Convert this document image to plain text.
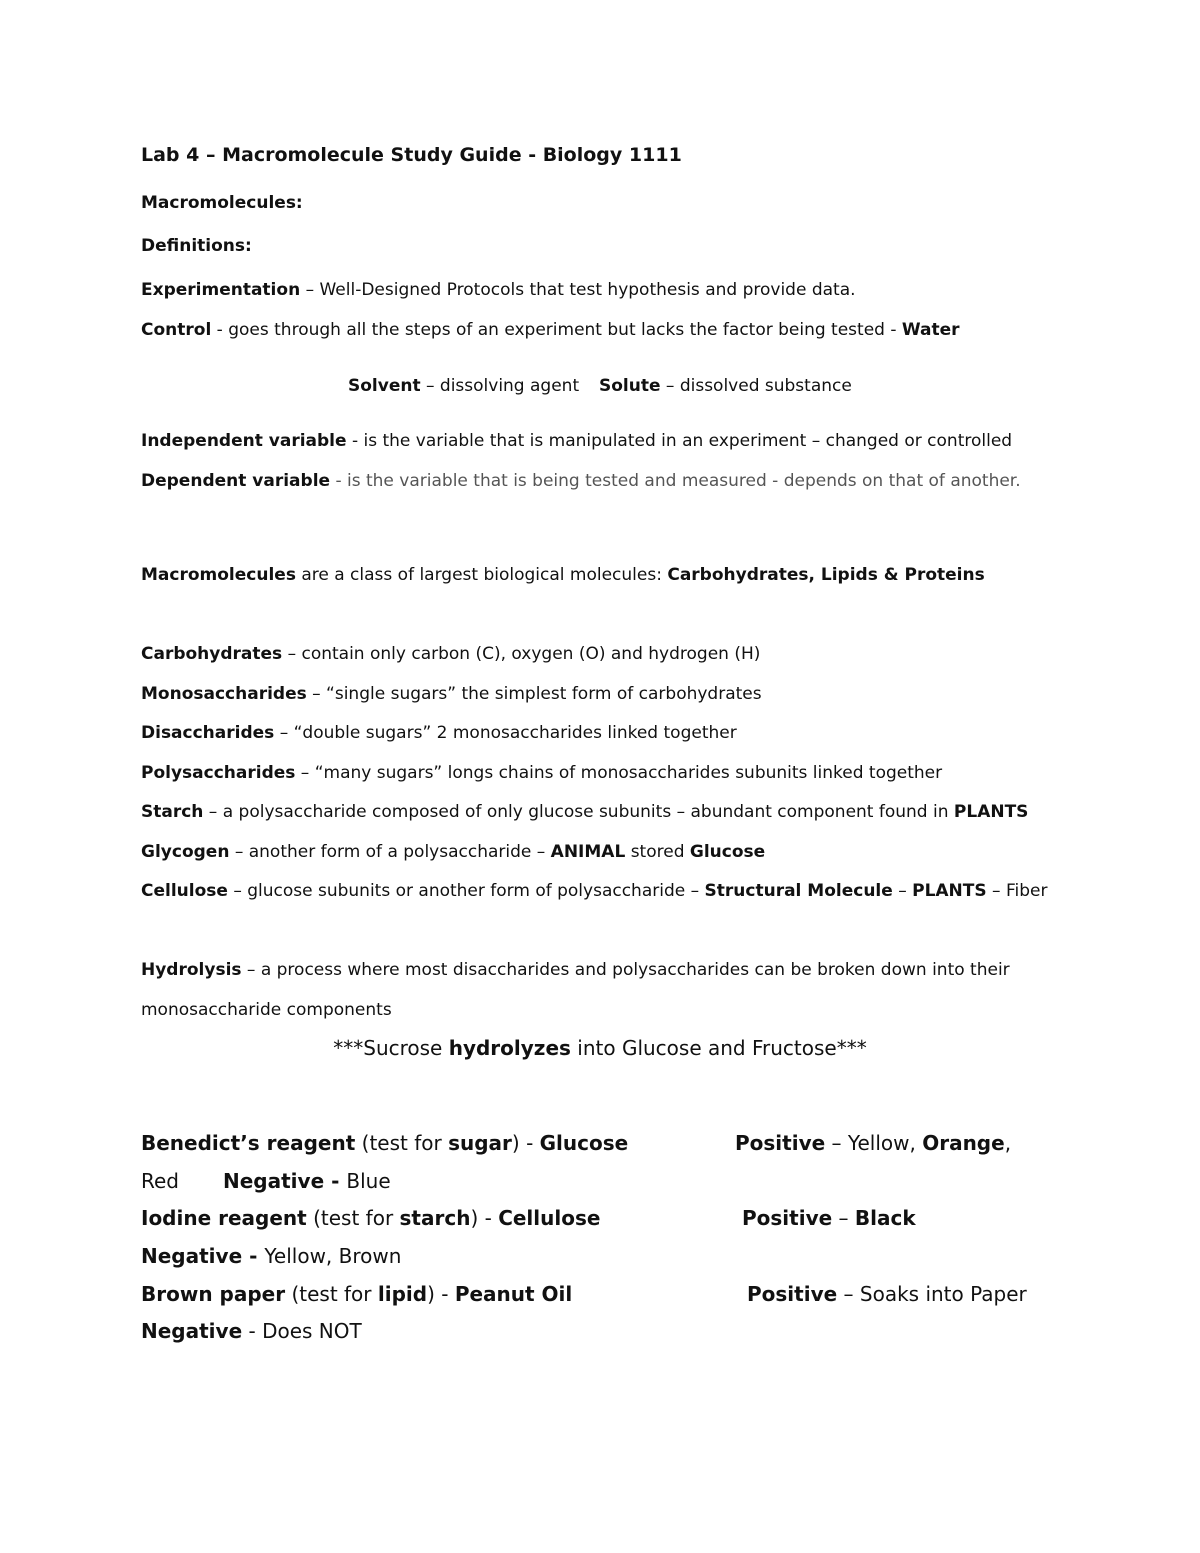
Lab 4 – Macromolecule Study Guide - Biology 1111
Macromolecules:
Definitions:
Experimentation – Well-Designed Protocols that test hypothesis and provide data.
Control - goes through all the steps of an experiment but lacks the factor being tested - Water
Solvent – dissolving agent Solute – dissolved substance
Independent variable - is the variable that is manipulated in an experiment – changed or controlled
Dependent variable - is the variable that is being tested and measured - depends on that of another.
Macromolecules are a class of largest biological molecules: Carbohydrates, Lipids & Proteins
Carbohydrates – contain only carbon (C), oxygen (O) and hydrogen (H)
Monosaccharides – “single sugars” the simplest form of carbohydrates
Disaccharides – “double sugars” 2 monosaccharides linked together
Polysaccharides – “many sugars” longs chains of monosaccharides subunits linked together
Starch – a polysaccharide composed of only glucose subunits – abundant component found in PLANTS
Glycogen – another form of a polysaccharide – ANIMAL stored Glucose
Cellulose – glucose subunits or another form of polysaccharide – Structural Molecule – PLANTS – Fiber
Hydrolysis – a process where most disaccharides and polysaccharides can be broken down into their
monosaccharide components
***Sucrose hydrolyzes into Glucose and Fructose***
Benedict’s reagent (test for sugar) - Glucose	Positive – Yellow, Orange,
Red Negative - Blue
Iodine reagent (test for starch) - Cellulose	Positive – Black
Negative - Yellow, Brown
Brown paper (test for lipid) - Peanut Oil	Positive – Soaks into Paper
Negative - Does NOT
